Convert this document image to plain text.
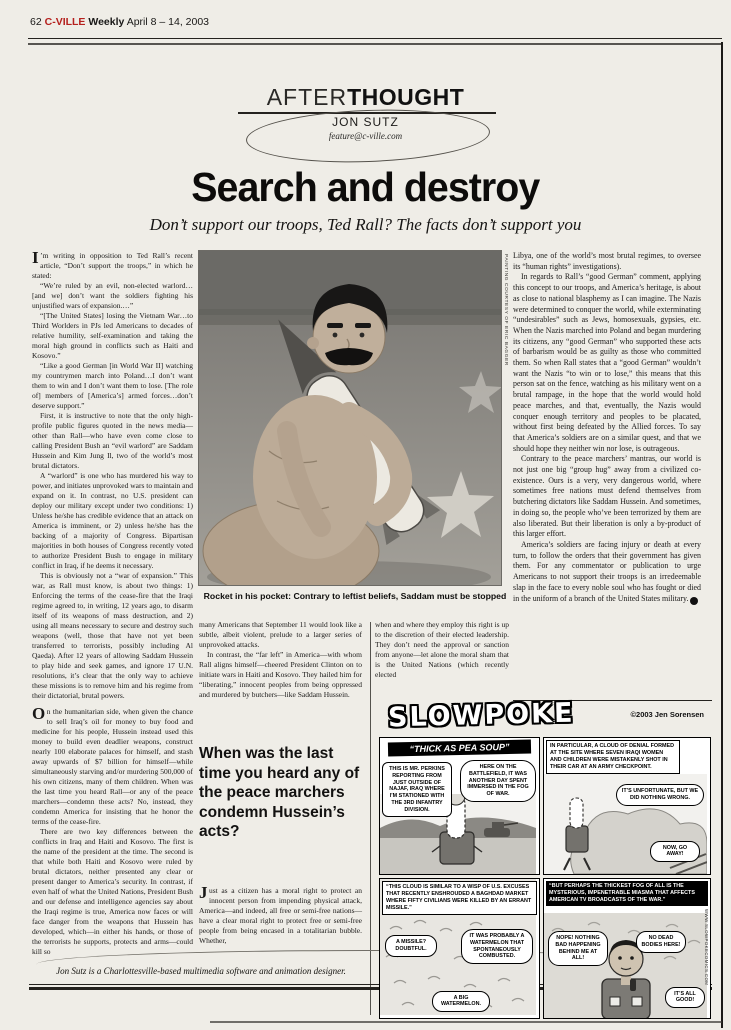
62 C-VILLE Weekly April 8 – 14, 2003
AFTERTHOUGHT
JON SUTZ
feature@c-ville.com
Search and destroy
Don’t support our troops, Ted Rall? The facts don’t support you

I ’m writing in opposition to Ted Rall’s recent article, “Don’t support the troops,” in which he stated:

“We’re ruled by an evil, non-elected warlord…[and we] don’t want the soldiers fighting his unjustified wars of expansion.…”

“[The United States] losing the Vietnam War…to Third Worlders in PJs led Americans to decades of relative humility, self-examination and taking the moral high ground in conflicts such as Haiti and Kosovo.”

“Like a good German [in World War II] watching my countrymen march into Poland…I don’t want them to win and I don’t want them to lose. [The role of] members of [America’s] armed forces…don’t deserve support.”

First, it is instructive to note that the only high-profile public figures quoted in the news media—other than Rall—who have even come close to calling President Bush an “evil warlord” are Saddam Hussein and Kim Jung Il, two of the world’s most brutal dictators.

A “warlord” is one who has murdered his way to power, and initiates unprovoked wars to maintain and expand on it. In contrast, no U.S. president can deploy our military except under two conditions: 1) Unless he/she has credible evidence that an attack on America is imminent, or 2) unless he/she has the backing of a majority of Congress. Bipartisan majorities in both houses of Congress recently voted to authorize President Bush to engage in military conflict in Iraq, if he deems it necessary.

This is obviously not a “war of expansion.” This war, as Rall must know, is about two things: 1) Enforcing the terms of the cease-fire that the Iraqi regime agreed to, in writing, 12 years ago, to disarm itself of its weapons of mass destruction, and 2) using all means necessary to secure and destroy such weapons (well, those that have not yet been transferred to terrorists, possibly including Al Qaeda). After 12 years of allowing Saddam Hussein to play hide and seek games, and ignore 17 U.N. resolutions, it’s clear that the only way to achieve these missions is to remove him and his regime from their dictatorial, brutal powers.

On the humanitarian side, when given the chance to sell Iraq’s oil for money to buy food and medicine for his people, Hussein instead used this money to build even deadlier weapons, construct nearly 100 elaborate palaces for himself, and stash away upwards of $7 billion for himself—while simultaneously starving and/or murdering 500,000 of his own citizens, many of them children. When was the last time you heard Rall—or any of the peace marchers—condemn these acts? No, instead, they condemn America for insisting that he honor the terms of the cease-fire.

There are two key differences between the conflicts in Iraq and Haiti and Kosovo. The first is the name of the president at the time. The second is that while both Haiti and Kosovo were ruled by brutal dictators, neither presented any clear or present danger to America’s security. In contrast, if even half of what the United Nations, President Bush and our defense and intelligence agencies say about the Iraqi regime is true, America now faces or will face danger from the weapons that Hussein has developed, which—in either his hands, or those of the terrorists he supports, protects and arms—could kill so

PAINTING COURTESY OF ERIC BAGGER
Rocket in his pocket: Contrary to leftist beliefs, Saddam must be stopped

many Americans that September 11 would look like a subtle, albeit violent, prelude to a larger series of unprovoked attacks.

In contrast, the “far left” in America—with whom Rall aligns himself—cheered President Clinton on to initiate wars in Haiti and Kosovo. They hailed him for “liberating,” innocent peoples from being oppressed and murdered by butchers—like Saddam Hussein.

when and where they employ this right is up to the discretion of their elected leadership. They don’t need the approval or sanction from anyone—let alone the moral sham that is the United Nations (which recently elected

When was the last time you heard any of the peace marchers condemn Hussein’s acts?

Just as a citizen has a moral right to protect an innocent person from impending physical attack, America—and indeed, all free or semi-free nations—have a clear moral right to protect free or semi-free people from being encased in a totalitarian bubble. Whether,

Libya, one of the world’s most brutal regimes, to oversee its “human rights” investigations).

In regards to Rall’s “good German” comment, applying this concept to our troops, and America’s heritage, is about as close to national blasphemy as I can imagine. The Nazis were determined to conquer the world, while exterminating “undesirables” such as Jews, homosexuals, gypsies, etc. When the Nazis marched into Poland and began murdering its citizens, any “good German” who supported these acts of barbarism would be as guilty as those who committed them. So when Rall states that a “good German” wouldn’t want the Nazis “to win or to lose,” this means that this person sat on the fence, watching as his military went on a brutal rampage, in the hope that the world would hold peace marches, and that, eventually, the Nazis would conquer enough territory and peoples to be placated, without first being defeated by the Allied forces. To say that America’s soldiers are on a similar quest, and that we should hope they neither win nor lose, is outrageous.

Contrary to the peace marchers’ mantras, our world is not just one big “group hug” away from a civilized co-existence. Ours is a very, very dangerous world, where sometimes free nations must defend themselves from butchering dictators like Saddam Hussein. And sometimes, in doing so, the people who’ve been terrorized by them are also liberated. But their liberation is only a by-product of this larger effort.

America’s soldiers are facing injury or death at every turn, to follow the orders that their government has given them. For any commentator or publication to urge Americans to not support their troops is an irredeemable slap in the face to every noble soul who has fought or died in the uniform of a branch of the United States military. C

Jon Sutz is a Charlottesville-based multimedia software and animation designer.
©2003 Jen Sorensen
SLOWPOKE
“THICK AS PEA SOUP”
THIS IS MR. PERKINS REPORTING FROM JUST OUTSIDE OF NAJAF, IRAQ WHERE I’M STATIONED WITH THE 3RD INFANTRY DIVISION.
HERE ON THE BATTLEFIELD, IT WAS ANOTHER DAY SPENT IMMERSED IN THE FOG OF WAR.
IN PARTICULAR, A CLOUD OF DENIAL FORMED AT THE SITE WHERE SEVEN IRAQI WOMEN AND CHILDREN WERE MISTAKENLY SHOT IN THEIR CAR AT AN ARMY CHECKPOINT.
IT’S UNFORTUNATE, BUT WE DID NOTHING WRONG.
NOW, GO AWAY!
“THIS CLOUD IS SIMILAR TO A WISP OF U.S. EXCUSES THAT RECENTLY ENSHROUDED A BAGHDAD MARKET WHERE FIFTY CIVILIANS WERE KILLED BY AN ERRANT MISSILE.”
A MISSILE? DOUBTFUL.
IT WAS PROBABLY A WATERMELON THAT SPONTANEOUSLY COMBUSTED.
A BIG WATERMELON.
“BUT PERHAPS THE THICKEST FOG OF ALL IS THE MYSTERIOUS, IMPENETRABLE MIASMA THAT AFFECTS AMERICAN TV BROADCASTS OF THE WAR.”
NOPE! NOTHING BAD HAPPENING BEHIND ME AT ALL!
NO DEAD BODIES HERE!
IT’S ALL GOOD!
WWW.SLOWPOKECOMICS.COM
